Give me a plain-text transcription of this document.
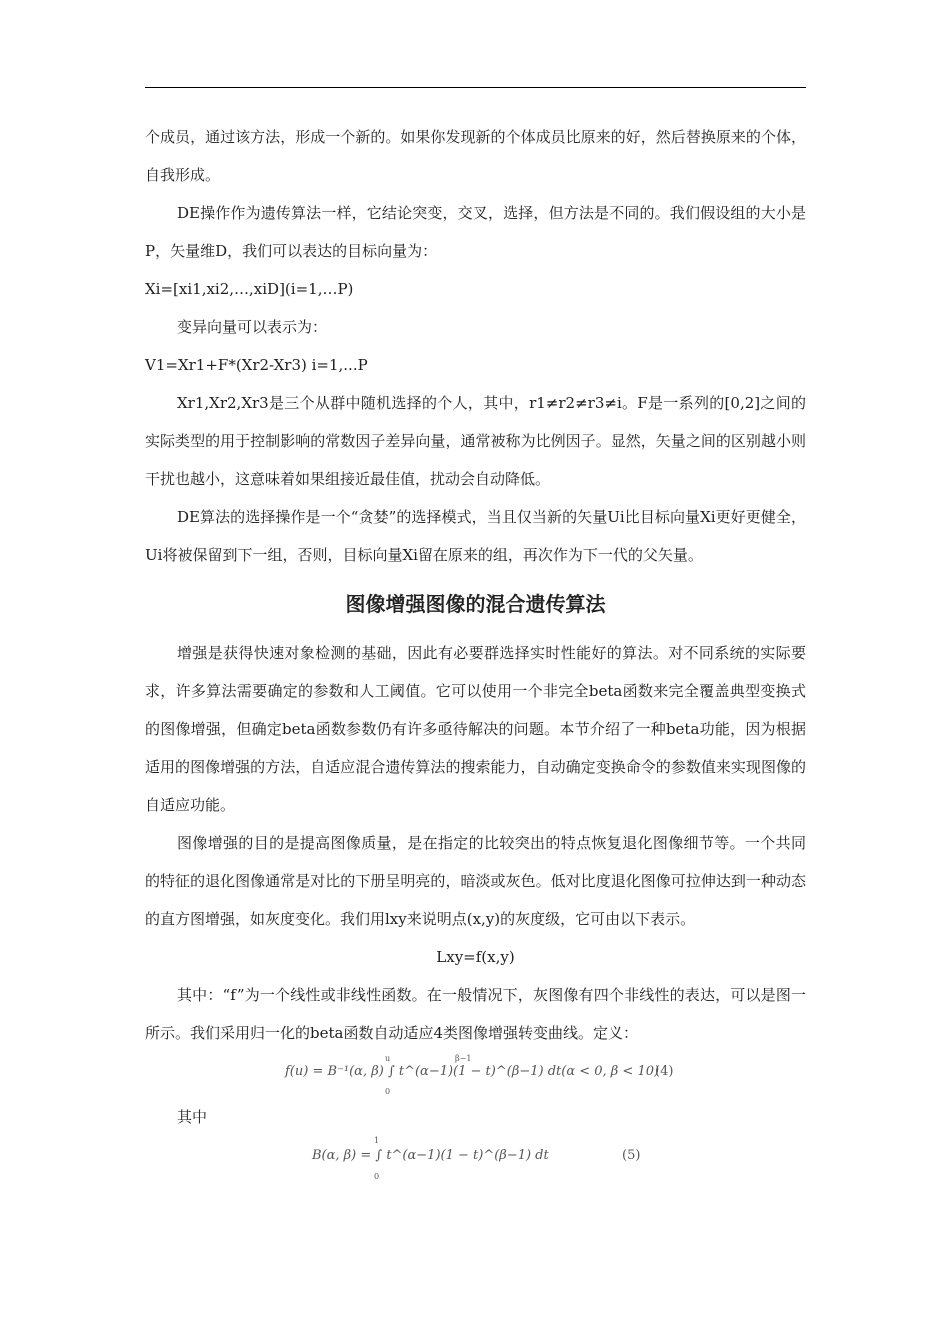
个成员，通过该方法，形成一个新的。如果你发现新的个体成员比原来的好，然后替换原来的个体，自我形成。

DE操作作为遗传算法一样，它结论突变，交叉，选择，但方法是不同的。我们假设组的大小是P，矢量维D，我们可以表达的目标向量为：

Xi=[xi1,xi2,…,xiD](i=1,…P)

变异向量可以表示为：

V1=Xr1+F*(Xr2-Xr3) i=1,...P

Xr1,Xr2,Xr3是三个从群中随机选择的个人，其中，r1≠r2≠r3≠i。F是一系列的[0,2]之间的实际类型的用于控制影响的常数因子差异向量，通常被称为比例因子。显然，矢量之间的区别越小则干扰也越小，这意味着如果组接近最佳值，扰动会自动降低。

DE算法的选择操作是一个“贪婪”的选择模式，当且仅当新的矢量Ui比目标向量Xi更好更健全，Ui将被保留到下一组，否则，目标向量Xi留在原来的组，再次作为下一代的父矢量。

图像增强图像的混合遗传算法

增强是获得快速对象检测的基础，因此有必要群选择实时性能好的算法。对不同系统的实际要求，许多算法需要确定的参数和人工阈值。它可以使用一个非完全beta函数来完全覆盖典型变换式的图像增强，但确定beta函数参数仍有许多亟待解决的问题。本节介绍了一种beta功能，因为根据适用的图像增强的方法，自适应混合遗传算法的搜索能力，自动确定变换命令的参数值来实现图像的自适应功能。

图像增强的目的是提高图像质量，是在指定的比较突出的特点恢复退化图像细节等。一个共同的特征的退化图像通常是对比的下册呈明亮的，暗淡或灰色。低对比度退化图像可拉伸达到一种动态的直方图增强，如灰度变化。我们用lxy来说明点(x,y)的灰度级，它可由以下表示。

Lxy=f(x,y)

其中：“f”为一个线性或非线性函数。在一般情况下，灰图像有四个非线性的表达，可以是图一所示。我们采用归一化的beta函数自动适应4类图像增强转变曲线。定义：

u
0
β−1
f(u) = B⁻¹(α, β) ∫ t^(α−1)(1 − t)^(β−1) dt(α < 0, β < 10)
(4)

其中

1
0
B(α, β) = ∫ t^(α−1)(1 − t)^(β−1) dt	(5)
